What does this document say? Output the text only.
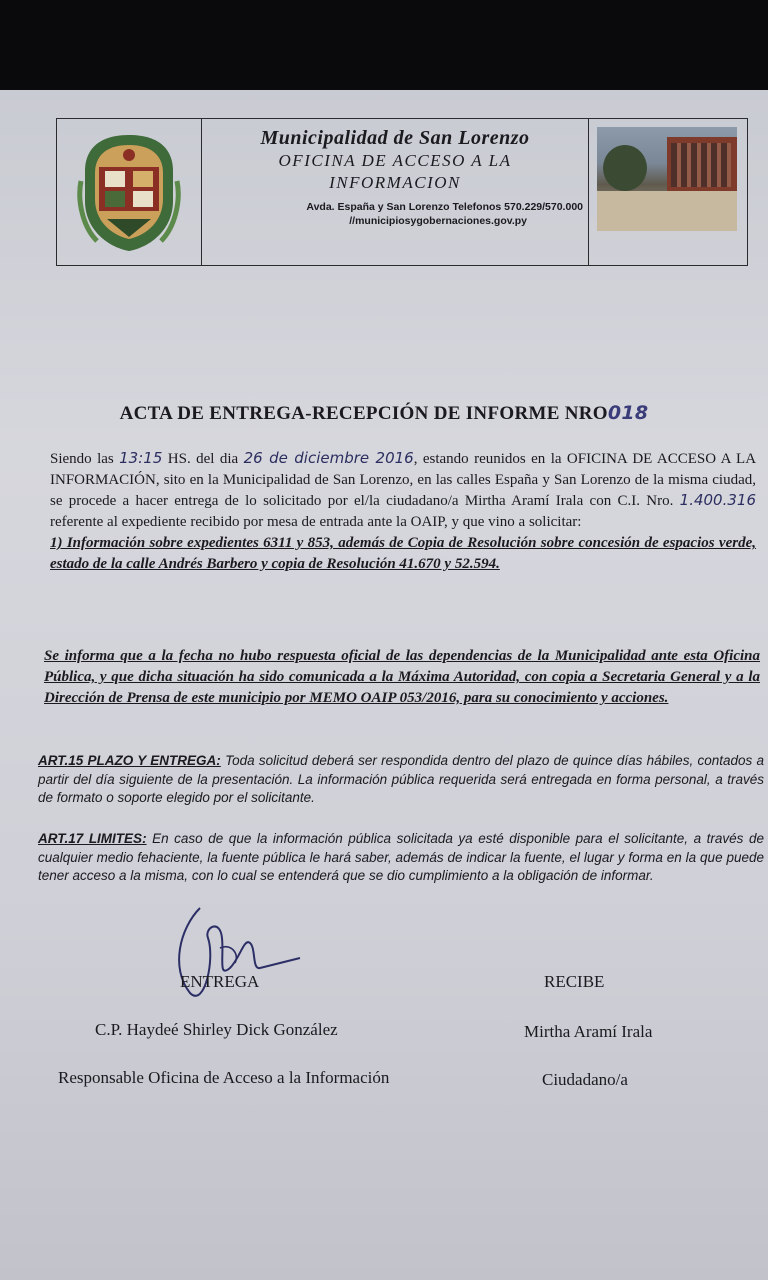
Municipalidad de San Lorenzo
OFICINA DE ACCESO A LA
INFORMACION
Avda. España y San Lorenzo Telefonos 570.229/570.000
//municipiosygobernaciones.gov.py
ACTA DE ENTREGA-RECEPCIÓN DE INFORME NRO018
Siendo las 13:15 HS. del dia 26 de diciembre 2016, estando reunidos en la OFICINA DE ACCESO A LA INFORMACIÓN, sito en la Municipalidad de San Lorenzo, en las calles España y San Lorenzo de la misma ciudad, se procede a hacer entrega de lo solicitado por el/la ciudadano/a Mirtha Aramí Irala con C.I. Nro. 1.400.316 referente al expediente recibido por mesa de entrada ante la OAIP, y que vino a solicitar:
1) Información sobre expedientes 6311 y 853, además de Copia de Resolución sobre concesión de espacios verde, estado de la calle Andrés Barbero y copia de Resolución 41.670 y 52.594.
Se informa que a la fecha no hubo respuesta oficial de las dependencias de la Municipalidad ante esta Oficina Pública, y que dicha situación ha sido comunicada a la Máxima Autoridad, con copia a Secretaria General y a la Dirección de Prensa de este municipio por MEMO OAIP 053/2016, para su conocimiento y acciones.
ART.15 PLAZO Y ENTREGA: Toda solicitud deberá ser respondida dentro del plazo de quince días hábiles, contados a partir del día siguiente de la presentación. La información pública requerida será entregada en forma personal, a través de formato o soporte elegido por el solicitante.
ART.17 LIMITES: En caso de que la información pública solicitada ya esté disponible para el solicitante, a través de cualquier medio fehaciente, la fuente pública le hará saber, además de indicar la fuente, el lugar y forma en la que puede tener acceso a la misma, con lo cual se entenderá que se dio cumplimiento a la obligación de informar.
ENTREGA
C.P. Haydeé Shirley Dick González
Responsable Oficina de Acceso a la Información
RECIBE
Mirtha Aramí Irala
Ciudadano/a
